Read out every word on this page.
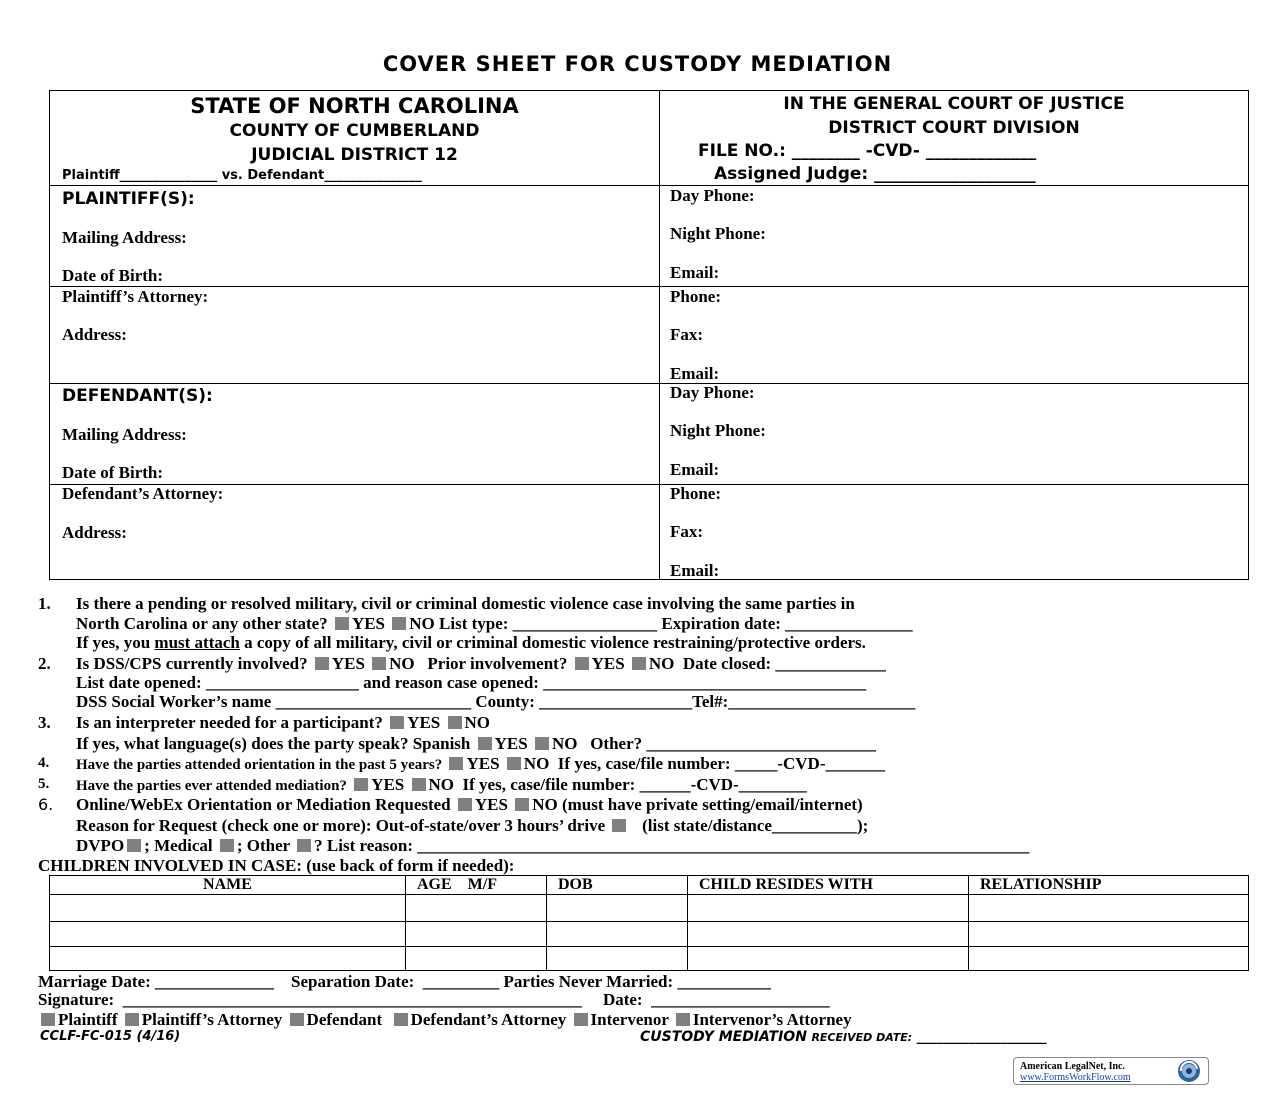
COVER SHEET FOR CUSTODY MEDIATION
STATE OF NORTH CAROLINA
COUNTY OF CUMBERLAND
JUDICIAL DISTRICT 12
Plaintiff_______________ vs. Defendant_______________
IN THE GENERAL COURT OF JUSTICE
DISTRICT COURT DIVISION
FILE NO.: ________ -CVD- _____________
Assigned Judge: ___________________
PLAINTIFF(S):
Mailing Address:
Date of Birth:
Day Phone:
Night Phone:
Email:
Plaintiff’s Attorney:
Address:
Phone:
Fax:
Email:
DEFENDANT(S):
Mailing Address:
Date of Birth:
Day Phone:
Night Phone:
Email:
Defendant’s Attorney:
Address:
Phone:
Fax:
Email:
1. Is there a pending or resolved military, civil or criminal domestic violence case involving the same parties in
North Carolina or any other state? YES NO List type: _________________ Expiration date: _______________
If yes, you must attach a copy of all military, civil or criminal domestic violence restraining/protective orders.
2. Is DSS/CPS currently involved? YES NO Prior involvement? YES NO Date closed: _____________
List date opened: __________________ and reason case opened: ______________________________________
DSS Social Worker’s name _______________________ County: __________________Tel#:______________________
3. Is an interpreter needed for a participant? YES NO
If yes, what language(s) does the party speak? Spanish YES NO Other? ___________________________
4. Have the parties attended orientation in the past 5 years? YES NO If yes, case/file number: _____-CVD-_______
5. Have the parties ever attended mediation? YES NO If yes, case/file number: ______-CVD-________
6. Online/WebEx Orientation or Mediation Requested YES NO (must have private setting/email/internet)
Reason for Request (check one or more): Out-of-state/over 3 hours’ drive (list state/distance__________);
DVPO ; Medical ; Other ? List reason: ________________________________________________________________________
CHILDREN INVOLVED IN CASE: (use back of form if needed):
NAME	AGE    M/F	DOB	CHILD RESIDES WITH	RELATIONSHIP
Marriage Date: ______________    Separation Date:  _________ Parties Never Married: ___________
Signature:  ______________________________________________________     Date:  _____________________
Plaintiff Plaintiff’s Attorney Defendant Defendant’s Attorney Intervenor Intervenor’s Attorney
CCLF-FC-015 (4/16)	CUSTODY MEDIATION RECEIVED DATE: ____________________
American LegalNet, Inc.
www.FormsWorkFlow.com
